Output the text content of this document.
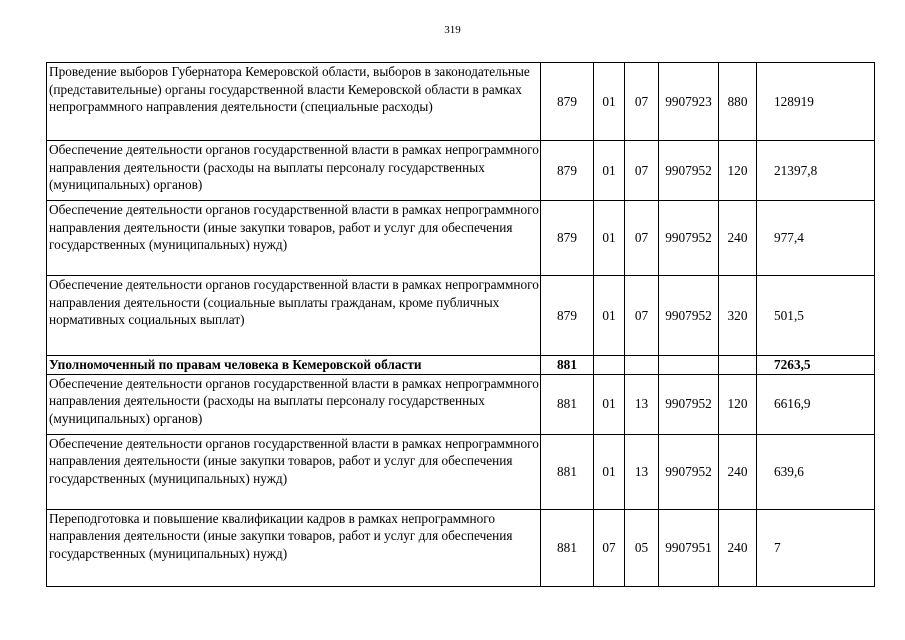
319
Проведение выборов Губернатора Кемеровской области, выборов в законодательные (представительные) органы государственной власти Кемеровской области в рамках непрограммного направления деятельности (специальные расходы)	879	01	07	9907923	880	128919
Обеспечение деятельности органов государственной власти в рамках непрограммного направления деятельности (расходы на выплаты персоналу государственных (муниципальных) органов)	879	01	07	9907952	120	21397,8
Обеспечение деятельности органов государственной власти в рамках непрограммного направления деятельности (иные закупки товаров, работ и услуг для обеспечения государственных (муниципальных) нужд)	879	01	07	9907952	240	977,4
Обеспечение деятельности органов государственной власти в рамках непрограммного направления деятельности (социальные выплаты гражданам, кроме публичных нормативных социальных выплат)	879	01	07	9907952	320	501,5
Уполномоченный по правам человека в Кемеровской области	881					7263,5
Обеспечение деятельности органов государственной власти в рамках непрограммного направления деятельности (расходы на выплаты персоналу государственных (муниципальных) органов)	881	01	13	9907952	120	6616,9
Обеспечение деятельности органов государственной власти в рамках непрограммного направления деятельности (иные закупки товаров, работ и услуг для обеспечения государственных (муниципальных) нужд)	881	01	13	9907952	240	639,6
Переподготовка и повышение квалификации кадров в рамках непрограммного направления деятельности (иные закупки товаров, работ и услуг для обеспечения государственных (муниципальных) нужд)	881	07	05	9907951	240	7
